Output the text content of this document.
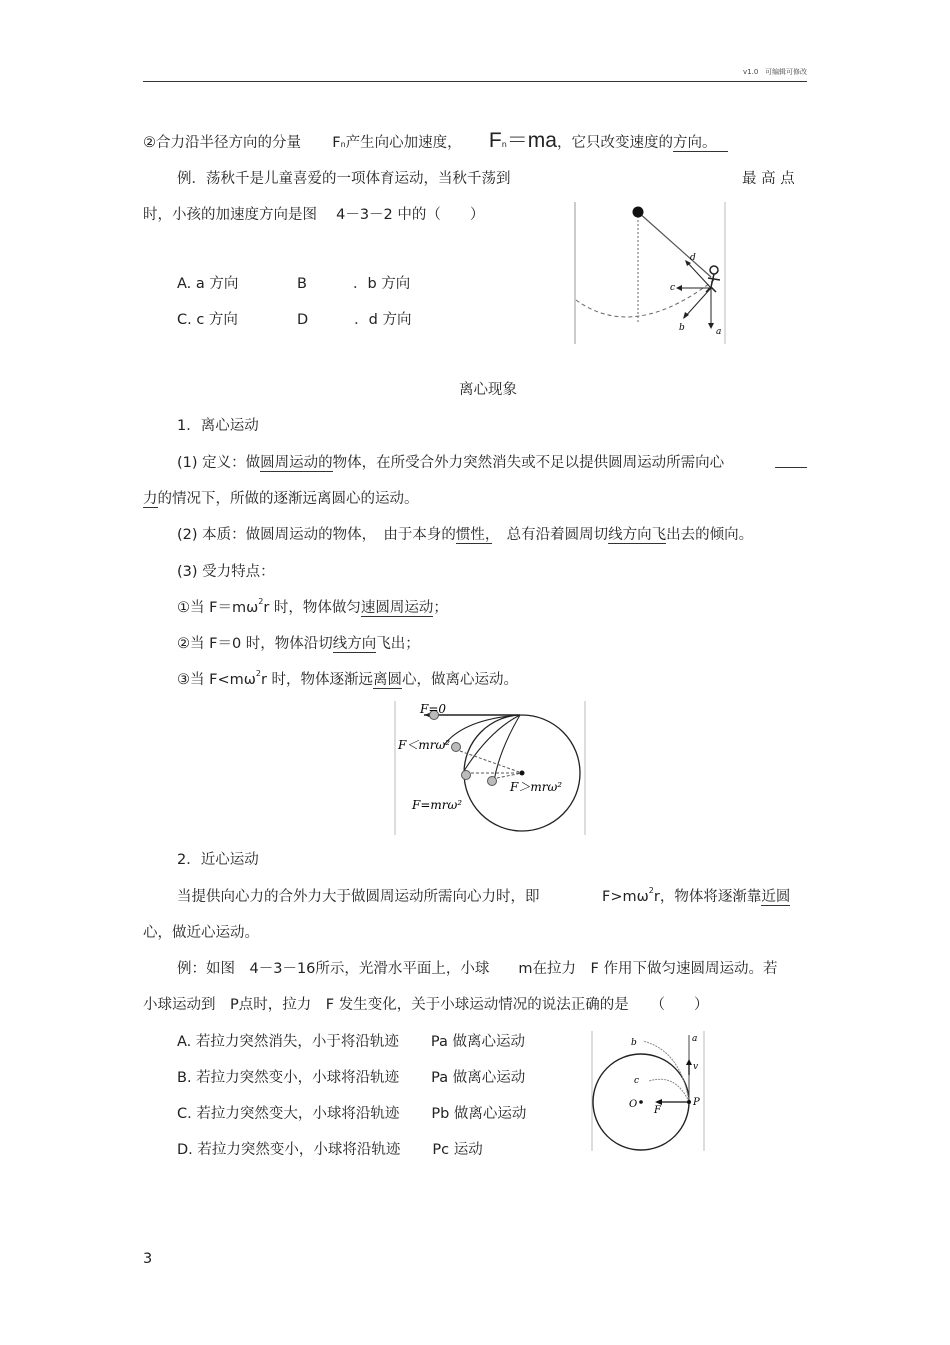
v1.0 可编辑可修改
②合力沿半径方向的分量 Fn产生向心加速度， Fn＝ma，它只改变速度的方向。
例．荡秋千是儿童喜爱的一项体育运动，当秋千荡到	最 高 点
时，小孩的加速度方向是图　 4－3－2 中的（　　）
A. a 方向	B	．b 方向
C. c 方向	D	．d 方向
a
b
c
d
离心现象
1．离心运动
(1) 定义：做圆周运动的物体，在所受合外力突然消失或不足以提供圆周运动所需向心
力的情况下，所做的逐渐远离圆心的运动。
(2) 本质：做圆周运动的物体，　由于本身的惯性，　总有沿着圆周切线方向飞出去的倾向。
(3) 受力特点：
①当 $F=m\omega^2r$ 时，物体做匀速圆周运动；
②当 F＝0 时，物体沿切线方向飞出；
③当 $F<m\omega^2r$ 时，物体逐渐远离圆心，做离心运动。
F=0
F＜mrω²
F＞mrω²
F=mrω²
2．近心运动
当提供向心力的合外力大于做圆周运动所需向心力时，即	$F>m\omega^2r$，物体将逐渐靠近圆
心，做近心运动。
例：如图　4－3－16所示，光滑水平面上，小球　　m在拉力　F 作用下做匀速圆周运动。若
小球运动到　P点时，拉力　F 发生变化，关于小球运动情况的说法正确的是　　（　　）
A. 若拉力突然消失，小于将沿轨迹 Pa 做离心运动
B. 若拉力突然变小，小球将沿轨迹 Pa 做离心运动
C. 若拉力突然变大，小球将沿轨迹 Pb 做离心运动
D. 若拉力突然变小，小球将沿轨迹 Pc 运动
a
b
c
v
O
F
P
3
